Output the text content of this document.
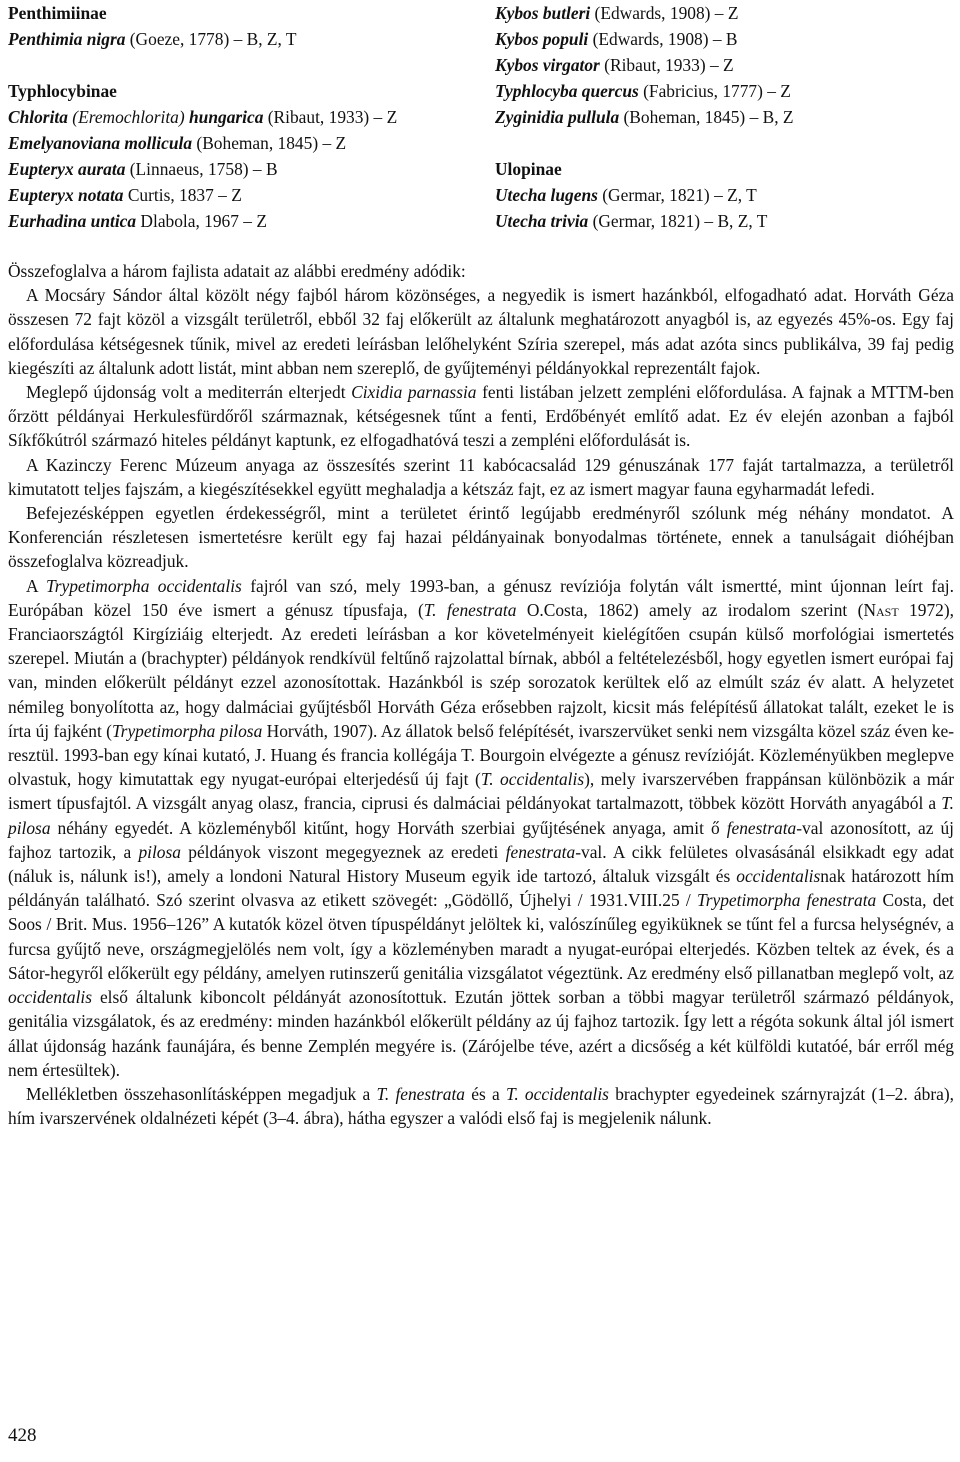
Penthimiinae
Penthimia nigra (Goeze, 1778) – B, Z, T
Typhlocybinae
Chlorita (Eremochlorita) hungarica (Ribaut, 1933) – Z
Emelyanoviana mollicula (Boheman, 1845) – Z
Eupteryx aurata (Linnaeus, 1758) – B
Eupteryx notata Curtis, 1837 – Z
Eurhadina untica Dlabola, 1967 – Z
Kybos butleri (Edwards, 1908) – Z
Kybos populi (Edwards, 1908) – B
Kybos virgator (Ribaut, 1933) – Z
Typhlocyba quercus (Fabricius, 1777) – Z
Zyginidia pullula (Boheman, 1845) – B, Z
Ulopinae
Utecha lugens (Germar, 1821) – Z, T
Utecha trivia (Germar, 1821) – B, Z, T

Összefoglalva a három fajlista adatait az alábbi eredmény adódik:

A Mocsáry Sándor által közölt négy fajból három közönséges, a negyedik is ismert hazánkból, elfogadható adat. Horváth Géza összesen 72 fajt közöl a vizsgált területről, ebből 32 faj előkerült az általunk meghatározott anyagból is, az egyezés 45%-os. Egy faj előfordulása kétségesnek tűnik, mivel az eredeti leírásban lelőhelyként Szíria szerepel, más adat azóta sincs publikálva, 39 faj pedig kiegészíti az általunk adott listát, mint abban nem szereplő, de gyűjteményi példányokkal reprezentált fajok.

Meglepő újdonság volt a mediterrán elterjedt Cixidia parnassia fenti listában jelzett zempléni előfordulása. A fajnak a MTTM-ben őrzött példányai Herkulesfürdőről származnak, kétségesnek tűnt a fenti, Erdőbényét említő adat. Ez év elején azonban a fajból Síkfőkútról származó hiteles példányt kaptunk, ez elfogadhatóvá teszi a zempléni előfordulását is.

A Kazinczy Ferenc Múzeum anyaga az összesítés szerint 11 kabócacsalád 129 génuszának 177 faját tartalmazza, a területről kimutatott teljes fajszám, a kiegészítésekkel együtt meghaladja a kétszáz fajt, ez az ismert magyar fauna egyharmadát lefedi.

Befejezésképpen egyetlen érdekességről, mint a területet érintő legújabb eredményről szólunk még néhány mondatot. A Konferencián részletesen ismertetésre került egy faj hazai példányainak bonyodalmas története, ennek a tanulságait dióhéjban összefoglalva közreadjuk.

A Trypetimorpha occidentalis fajról van szó, mely 1993-ban, a génusz revíziója folytán vált ismertté, mint újonnan leírt faj. Európában közel 150 éve ismert a génusz típusfaja, (T. fenestrata O.Costa, 1862) amely az irodalom szerint (Nast 1972), Franciaországtól Kirgíziáig elterjedt. Az eredeti leírásban a kor követelményeit kielégítően csupán külső morfológiai ismertetés szerepel. Miután a (brachypter) példányok rendkívül feltűnő rajzolattal bírnak, abból a feltételezésből, hogy egyetlen ismert európai faj van, minden előkerült példányt ezzel azonosítottak. Hazánkból is szép sorozatok kerültek elő az elmúlt száz év alatt. A helyzetet némileg bonyolította az, hogy dalmáciai gyűjtésből Horváth Géza erősebben rajzolt, kicsit más felépítésű állatokat talált, ezeket le is írta új fajként (Trypetimorpha pilosa Horváth, 1907). Az állatok belső felépítését, ivarszervüket senki nem vizsgálta közel száz éven keresztül. 1993-ban egy kínai kutató, J. Huang és francia kollégája T. Bourgoin elvégezte a génusz revízióját. Közleményükben meglepve olvastuk, hogy kimutattak egy nyugat-európai elterjedésű új fajt (T. occidentalis), mely ivarszervében frappánsan különbözik a már ismert típusfajtól. A vizsgált anyag olasz, francia, ciprusi és dalmáciai példányokat tartalmazott, többek között Horváth anyagából a T. pilosa néhány egyedét. A közleményből kitűnt, hogy Horváth szerbiai gyűjtésének anyaga, amit ő fenestrata-val azonosított, az új fajhoz tartozik, a pilosa példányok viszont megegyeznek az eredeti fenestrata-val. A cikk felületes olvasásánál elsikkadt egy adat (náluk is, nálunk is!), amely a londoni Natural History Museum egyik ide tartozó, általuk vizsgált és occidentalisnak határozott hím példányán található. Szó szerint olvasva az etikett szövegét: „Gödöllő, Újhelyi / 1931.VIII.25 / Trypetimorpha fenestrata Costa, det Soos / Brit. Mus. 1956–126” A kutatók közel ötven típuspéldányt jelöltek ki, valószínűleg egyiküknek se tűnt fel a furcsa helységnév, a furcsa gyűjtő neve, országmegjelölés nem volt, így a közleményben maradt a nyugat-európai elterjedés. Közben teltek az évek, és a Sátor-hegyről előkerült egy példány, amelyen rutinszerű genitália vizsgálatot végeztünk. Az eredmény első pillanatban meglepő volt, az occidentalis első általunk kiboncolt példányát azonosítottuk. Ezután jöttek sorban a többi magyar területről származó példányok, genitália vizsgálatok, és az eredmény: minden hazánkból előkerült példány az új fajhoz tartozik. Így lett a régóta sokunk által jól ismert állat újdonság hazánk faunájára, és benne Zemplén megyére is. (Zárójelbe téve, azért a dicsőség a két külföldi kutatóé, bár erről még nem értesültek).

Mellékletben összehasonlításképpen megadjuk a T. fenestrata és a T. occidentalis brachypter egyedeinek szárnyrajzát (1–2. ábra), hím ivarszervének oldalnézeti képét (3–4. ábra), hátha egyszer a valódi első faj is megjelenik nálunk.

428
